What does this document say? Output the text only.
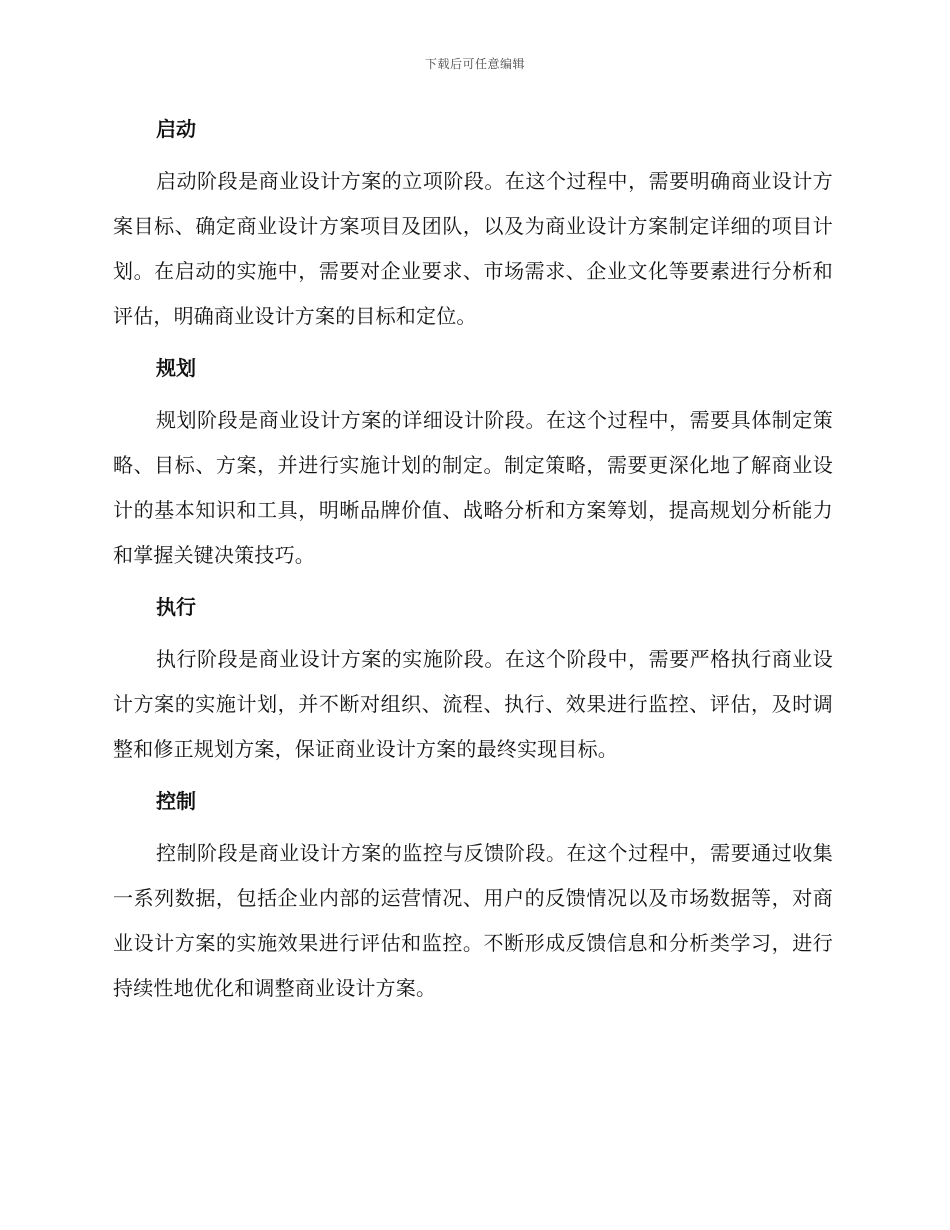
下载后可任意编辑
启动

启动阶段是商业设计方案的立项阶段。在这个过程中，需要明确商业设计方案目标、确定商业设计方案项目及团队，以及为商业设计方案制定详细的项目计划。在启动的实施中，需要对企业要求、市场需求、企业文化等要素进行分析和评估，明确商业设计方案的目标和定位。

规划

规划阶段是商业设计方案的详细设计阶段。在这个过程中，需要具体制定策略、目标、方案，并进行实施计划的制定。制定策略，需要更深化地了解商业设计的基本知识和工具，明晰品牌价值、战略分析和方案筹划，提高规划分析能力和掌握关键决策技巧。

执行

执行阶段是商业设计方案的实施阶段。在这个阶段中，需要严格执行商业设计方案的实施计划，并不断对组织、流程、执行、效果进行监控、评估，及时调整和修正规划方案，保证商业设计方案的最终实现目标。

控制

控制阶段是商业设计方案的监控与反馈阶段。在这个过程中，需要通过收集一系列数据，包括企业内部的运营情况、用户的反馈情况以及市场数据等，对商业设计方案的实施效果进行评估和监控。不断形成反馈信息和分析类学习，进行持续性地优化和调整商业设计方案。
